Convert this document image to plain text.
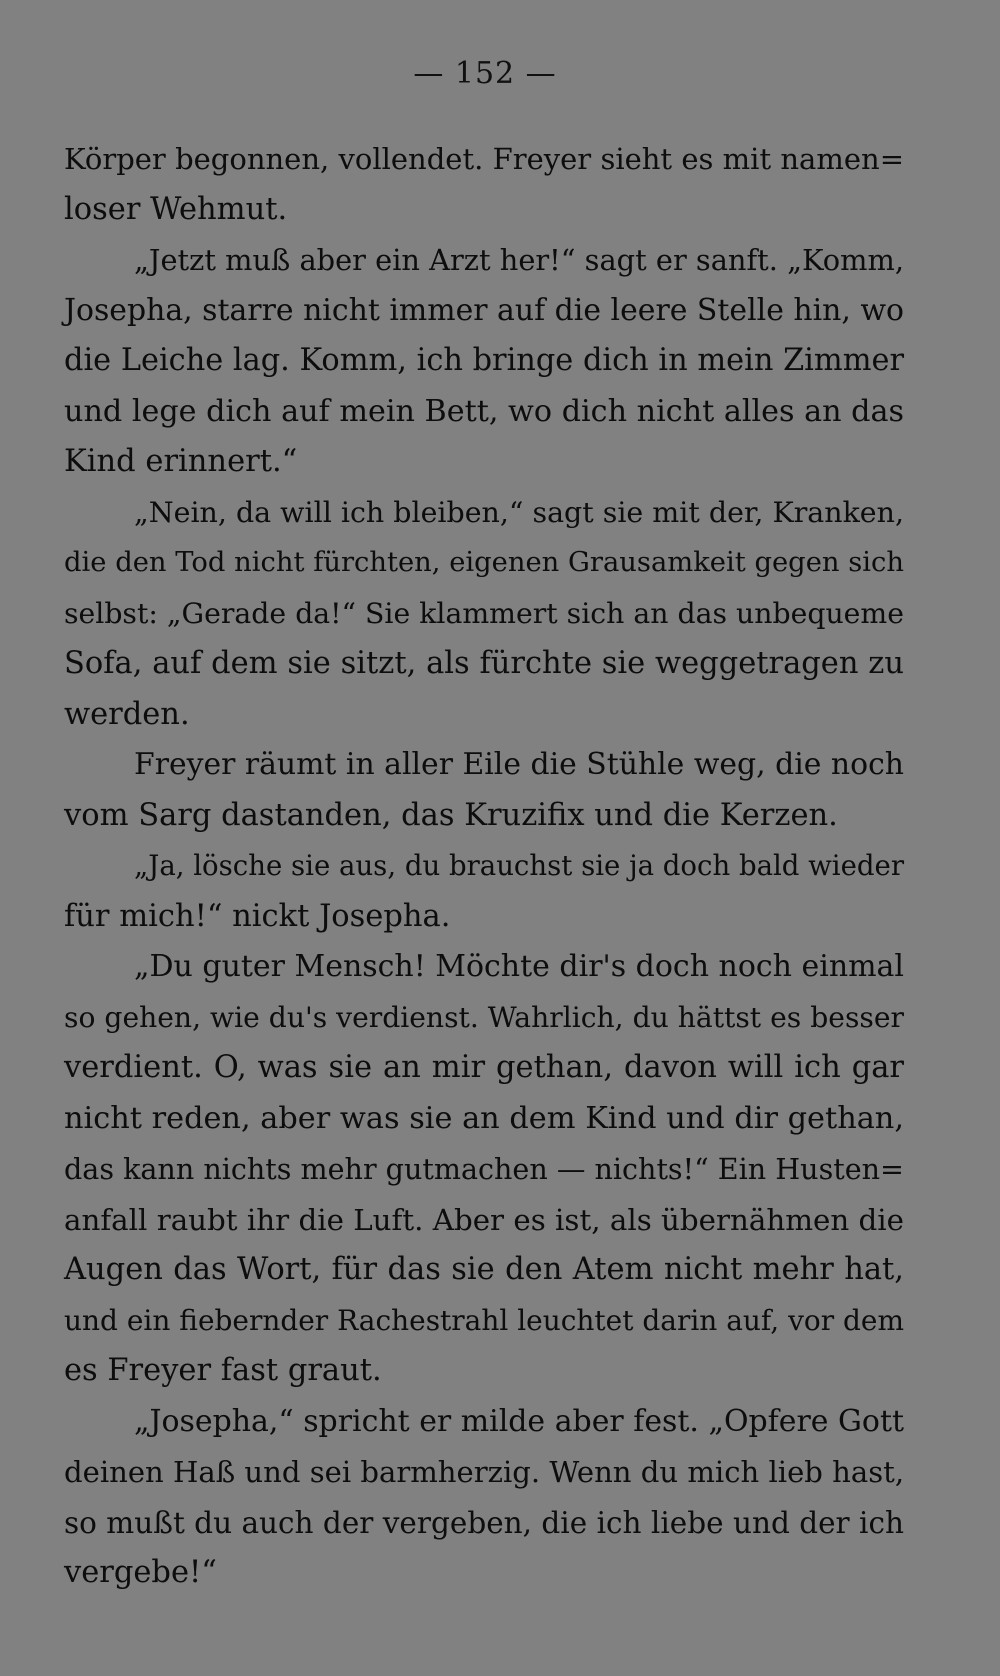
— 152 —
Körper begonnen, vollendet. Freyer sieht es mit namen=
loser Wehmut.
„Jetzt muß aber ein Arzt her!“ sagt er sanft. „Komm,
Josepha, starre nicht immer auf die leere Stelle hin, wo
die Leiche lag. Komm, ich bringe dich in mein Zimmer
und lege dich auf mein Bett, wo dich nicht alles an das
Kind erinnert.“
„Nein, da will ich bleiben,“ sagt sie mit der, Kranken,
die den Tod nicht fürchten, eigenen Grausamkeit gegen sich
selbst: „Gerade da!“ Sie klammert sich an das unbequeme
Sofa, auf dem sie sitzt, als fürchte sie weggetragen zu
werden.
Freyer räumt in aller Eile die Stühle weg, die noch
vom Sarg dastanden, das Kruzifix und die Kerzen.
„Ja, lösche sie aus, du brauchst sie ja doch bald wieder
für mich!“ nickt Josepha.
„Du guter Mensch! Möchte dir's doch noch einmal
so gehen, wie du's verdienst. Wahrlich, du hättst es besser
verdient. O, was sie an mir gethan, davon will ich gar
nicht reden, aber was sie an dem Kind und dir gethan,
das kann nichts mehr gutmachen — nichts!“ Ein Husten=
anfall raubt ihr die Luft. Aber es ist, als übernähmen die
Augen das Wort, für das sie den Atem nicht mehr hat,
und ein fiebernder Rachestrahl leuchtet darin auf, vor dem
es Freyer fast graut.
„Josepha,“ spricht er milde aber fest. „Opfere Gott
deinen Haß und sei barmherzig. Wenn du mich lieb hast,
so mußt du auch der vergeben, die ich liebe und der ich
vergebe!“
